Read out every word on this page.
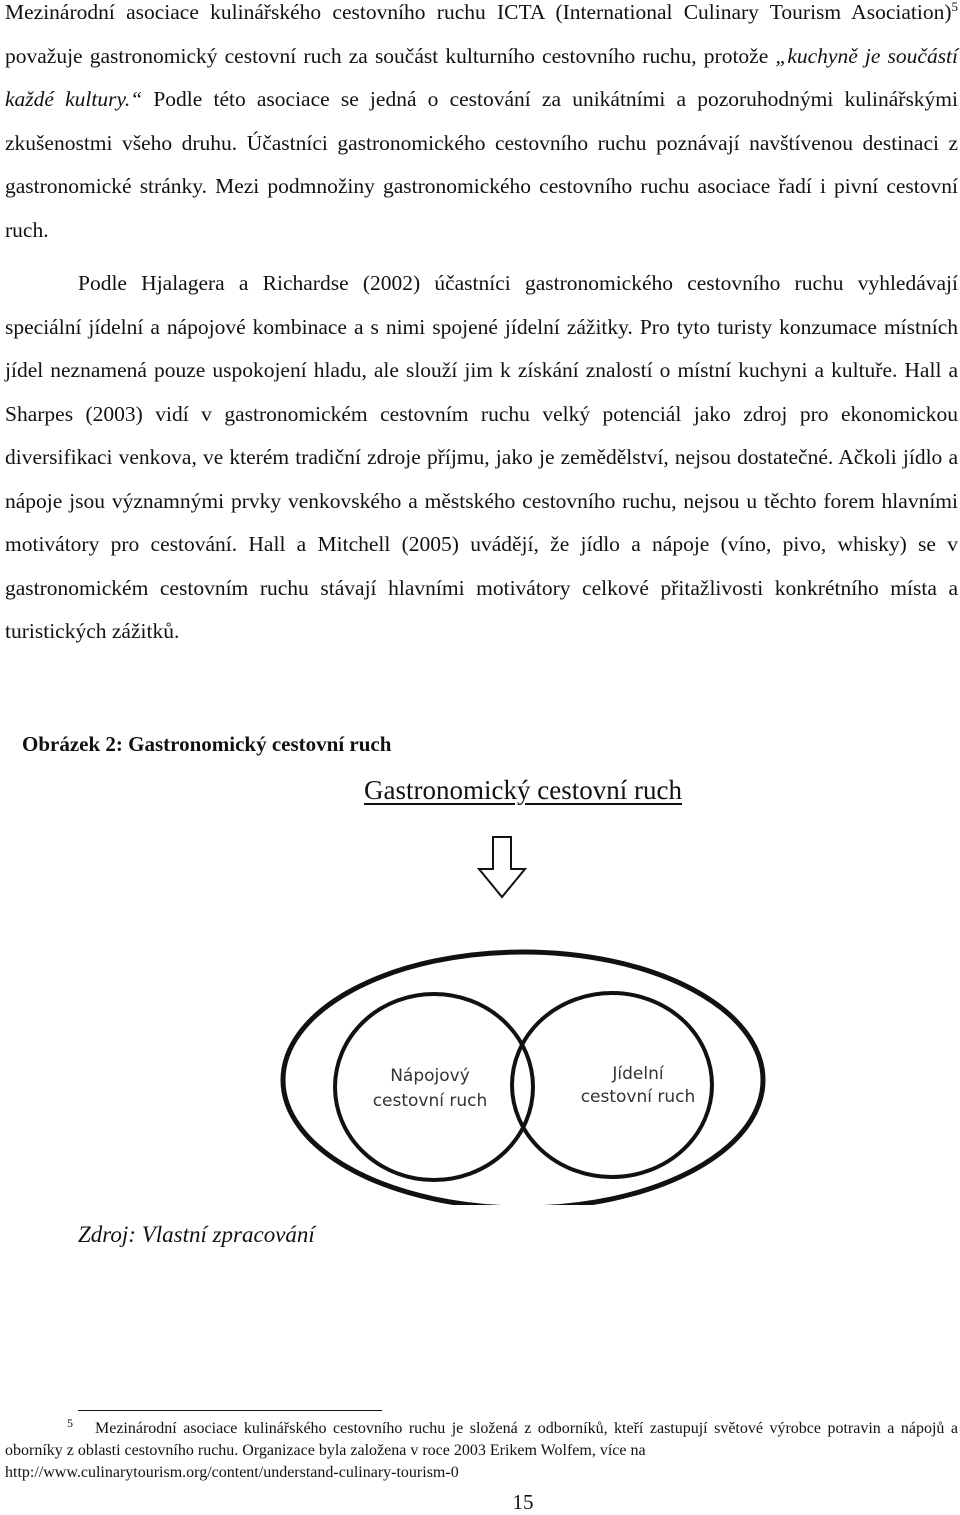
Mezinárodní asociace kulinářského cestovního ruchu ICTA (International Culinary Tourism Asociation)$^5$ považuje gastronomický cestovní ruch za součást kulturního cestovního ruchu, protože „kuchyně je součástí každé kultury.“ Podle této asociace se jedná o cestování za unikátními a pozoruhodnými kulinářskými zkušenostmi všeho druhu. Účastníci gastronomického cestovního ruchu poznávají navštívenou destinaci z gastronomické stránky. Mezi podmnožiny gastronomického cestovního ruchu asociace řadí i pivní cestovní ruch.
Podle Hjalagera a Richardse (2002) účastníci gastronomického cestovního ruchu vyhledávají speciální jídelní a nápojové kombinace a s nimi spojené jídelní zážitky. Pro tyto turisty konzumace místních jídel neznamená pouze uspokojení hladu, ale slouží jim k získání znalostí o místní kuchyni a kultuře. Hall a Sharpes (2003) vidí v gastronomickém cestovním ruchu velký potenciál jako zdroj pro ekonomickou diversifikaci venkova, ve kterém tradiční zdroje příjmu, jako je zemědělství, nejsou dostatečné. Ačkoli jídlo a nápoje jsou významnými prvky venkovského a městského cestovního ruchu, nejsou u těchto forem hlavními motivátory pro cestování. Hall a Mitchell (2005) uvádějí, že jídlo a nápoje (víno, pivo, whisky) se v gastronomickém cestovním ruchu stávají hlavními motivátory celkové přitažlivosti konkrétního místa a turistických zážitků.
Obrázek 2: Gastronomický cestovní ruch
Gastronomický cestovní ruch
Nápojový
cestovní ruch
Jídelní
cestovní ruch
Zdroj: Vlastní zpracování
$^5$ Mezinárodní asociace kulinářského cestovního ruchu je složená z odborníků, kteří zastupují světové výrobce potravin a nápojů a oborníky z oblasti cestovního ruchu. Organizace byla založena v roce 2003 Erikem Wolfem, více na
http://www.culinarytourism.org/content/understand-culinary-tourism-0
15
